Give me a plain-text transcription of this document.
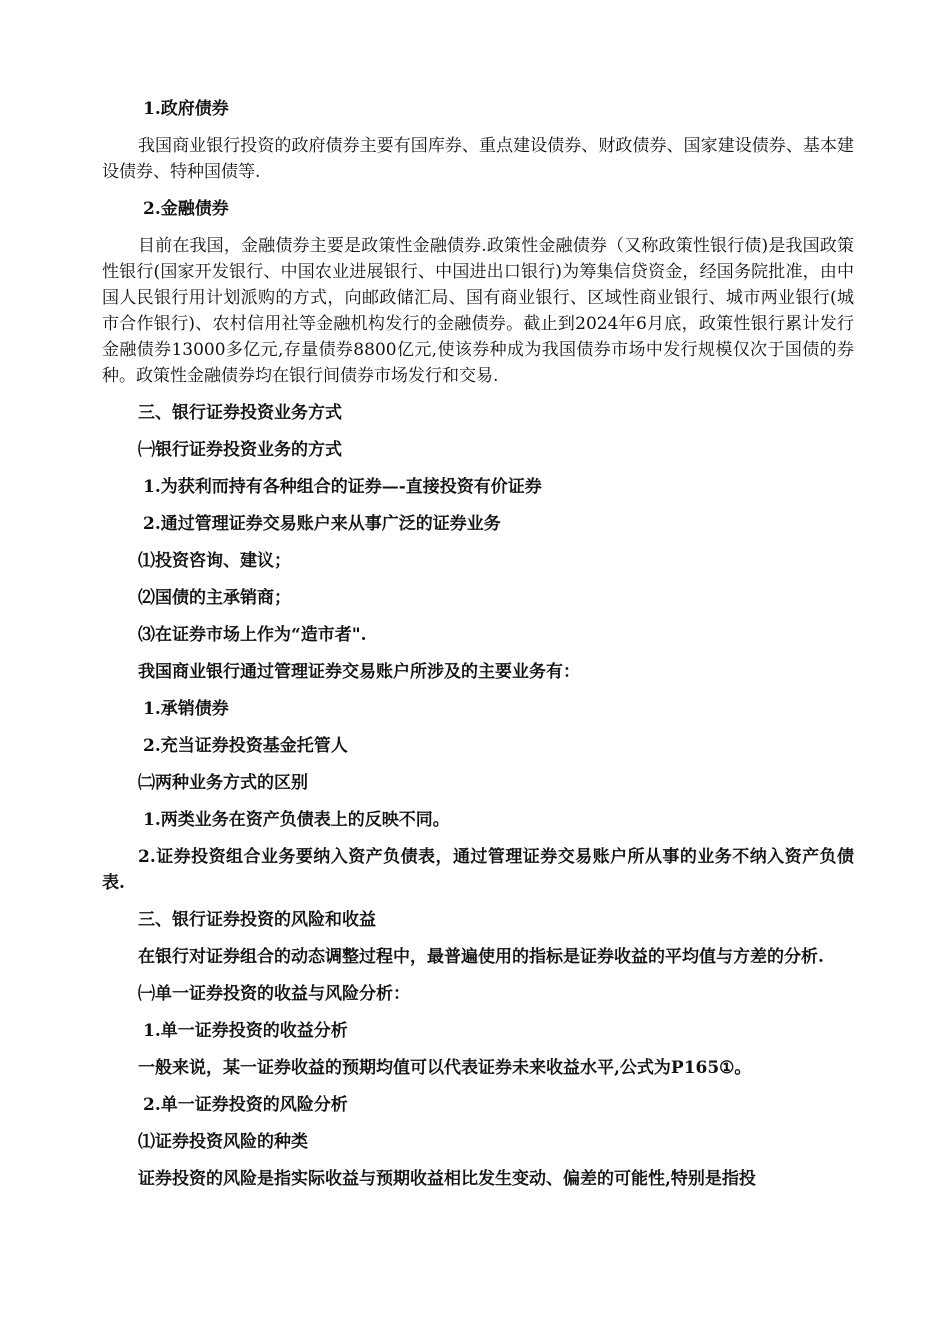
1.政府债券

我国商业银行投资的政府债券主要有国库券、重点建设债券、财政债券、国家建设债券、基本建设债券、特种国债等.

2.金融债券

目前在我国，金融债券主要是政策性金融债券.政策性金融债券（又称政策性银行债)是我国政策性银行(国家开发银行、中国农业进展银行、中国进出口银行)为筹集信贷资金，经国务院批准，由中国人民银行用计划派购的方式，向邮政储汇局、国有商业银行、区域性商业银行、城市两业银行(城市合作银行)、农村信用社等金融机构发行的金融债券。截止到2024年6月底，政策性银行累计发行金融债券13000多亿元,存量债券8800亿元,使该券种成为我国债券市场中发行规模仅次于国债的券种。政策性金融债券均在银行间债券市场发行和交易.

三、银行证券投资业务方式

㈠银行证券投资业务的方式

1.为获利而持有各种组合的证券—-直接投资有价证券

2.通过管理证券交易账户来从事广泛的证券业务

⑴投资咨询、建议；

⑵国债的主承销商；

⑶在证券市场上作为“造市者".

我国商业银行通过管理证券交易账户所涉及的主要业务有：

1.承销债券

2.充当证券投资基金托管人

㈡两种业务方式的区别

1.两类业务在资产负债表上的反映不同。

2.证券投资组合业务要纳入资产负债表，通过管理证券交易账户所从事的业务不纳入资产负债表.

三、银行证券投资的风险和收益

在银行对证券组合的动态调整过程中，最普遍使用的指标是证券收益的平均值与方差的分析.

㈠单一证券投资的收益与风险分析：

1.单一证券投资的收益分析

一般来说，某一证券收益的预期均值可以代表证券未来收益水平,公式为P165①。

2.单一证券投资的风险分析

⑴证券投资风险的种类

证券投资的风险是指实际收益与预期收益相比发生变动、偏差的可能性,特别是指投
